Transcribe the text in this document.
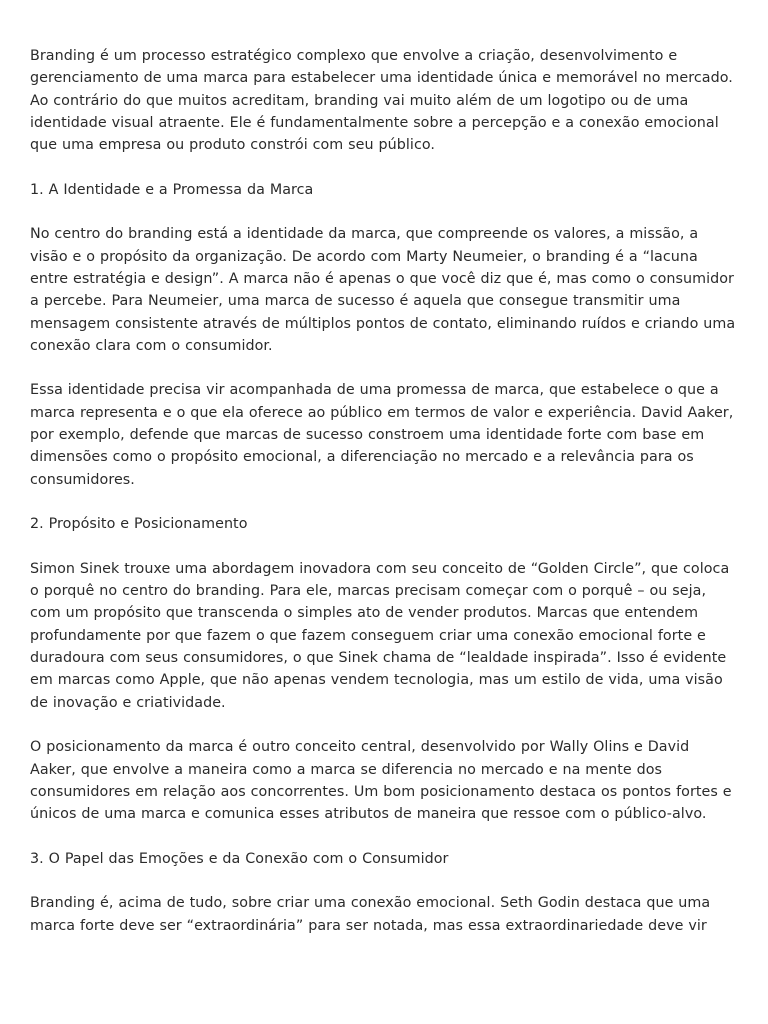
Branding é um processo estratégico complexo que envolve a criação, desenvolvimento e gerenciamento de uma marca para estabelecer uma identidade única e memorável no mercado. Ao contrário do que muitos acreditam, branding vai muito além de um logotipo ou de uma identidade visual atraente. Ele é fundamentalmente sobre a percepção e a conexão emocional que uma empresa ou produto constrói com seu público.

1. A Identidade e a Promessa da Marca

No centro do branding está a identidade da marca, que compreende os valores, a missão, a visão e o propósito da organização. De acordo com Marty Neumeier, o branding é a “lacuna entre estratégia e design”. A marca não é apenas o que você diz que é, mas como o consumidor a percebe. Para Neumeier, uma marca de sucesso é aquela que consegue transmitir uma mensagem consistente através de múltiplos pontos de contato, eliminando ruídos e criando uma conexão clara com o consumidor.

Essa identidade precisa vir acompanhada de uma promessa de marca, que estabelece o que a marca representa e o que ela oferece ao público em termos de valor e experiência. David Aaker, por exemplo, defende que marcas de sucesso constroem uma identidade forte com base em dimensões como o propósito emocional, a diferenciação no mercado e a relevância para os consumidores.

2. Propósito e Posicionamento

Simon Sinek trouxe uma abordagem inovadora com seu conceito de “Golden Circle”, que coloca o porquê no centro do branding. Para ele, marcas precisam começar com o porquê – ou seja, com um propósito que transcenda o simples ato de vender produtos. Marcas que entendem profundamente por que fazem o que fazem conseguem criar uma conexão emocional forte e duradoura com seus consumidores, o que Sinek chama de “lealdade inspirada”. Isso é evidente em marcas como Apple, que não apenas vendem tecnologia, mas um estilo de vida, uma visão de inovação e criatividade.

O posicionamento da marca é outro conceito central, desenvolvido por Wally Olins e David Aaker, que envolve a maneira como a marca se diferencia no mercado e na mente dos consumidores em relação aos concorrentes. Um bom posicionamento destaca os pontos fortes e únicos de uma marca e comunica esses atributos de maneira que ressoe com o público-alvo.

3. O Papel das Emoções e da Conexão com o Consumidor

Branding é, acima de tudo, sobre criar uma conexão emocional. Seth Godin destaca que uma marca forte deve ser “extraordinária” para ser notada, mas essa extraordinariedade deve vir
